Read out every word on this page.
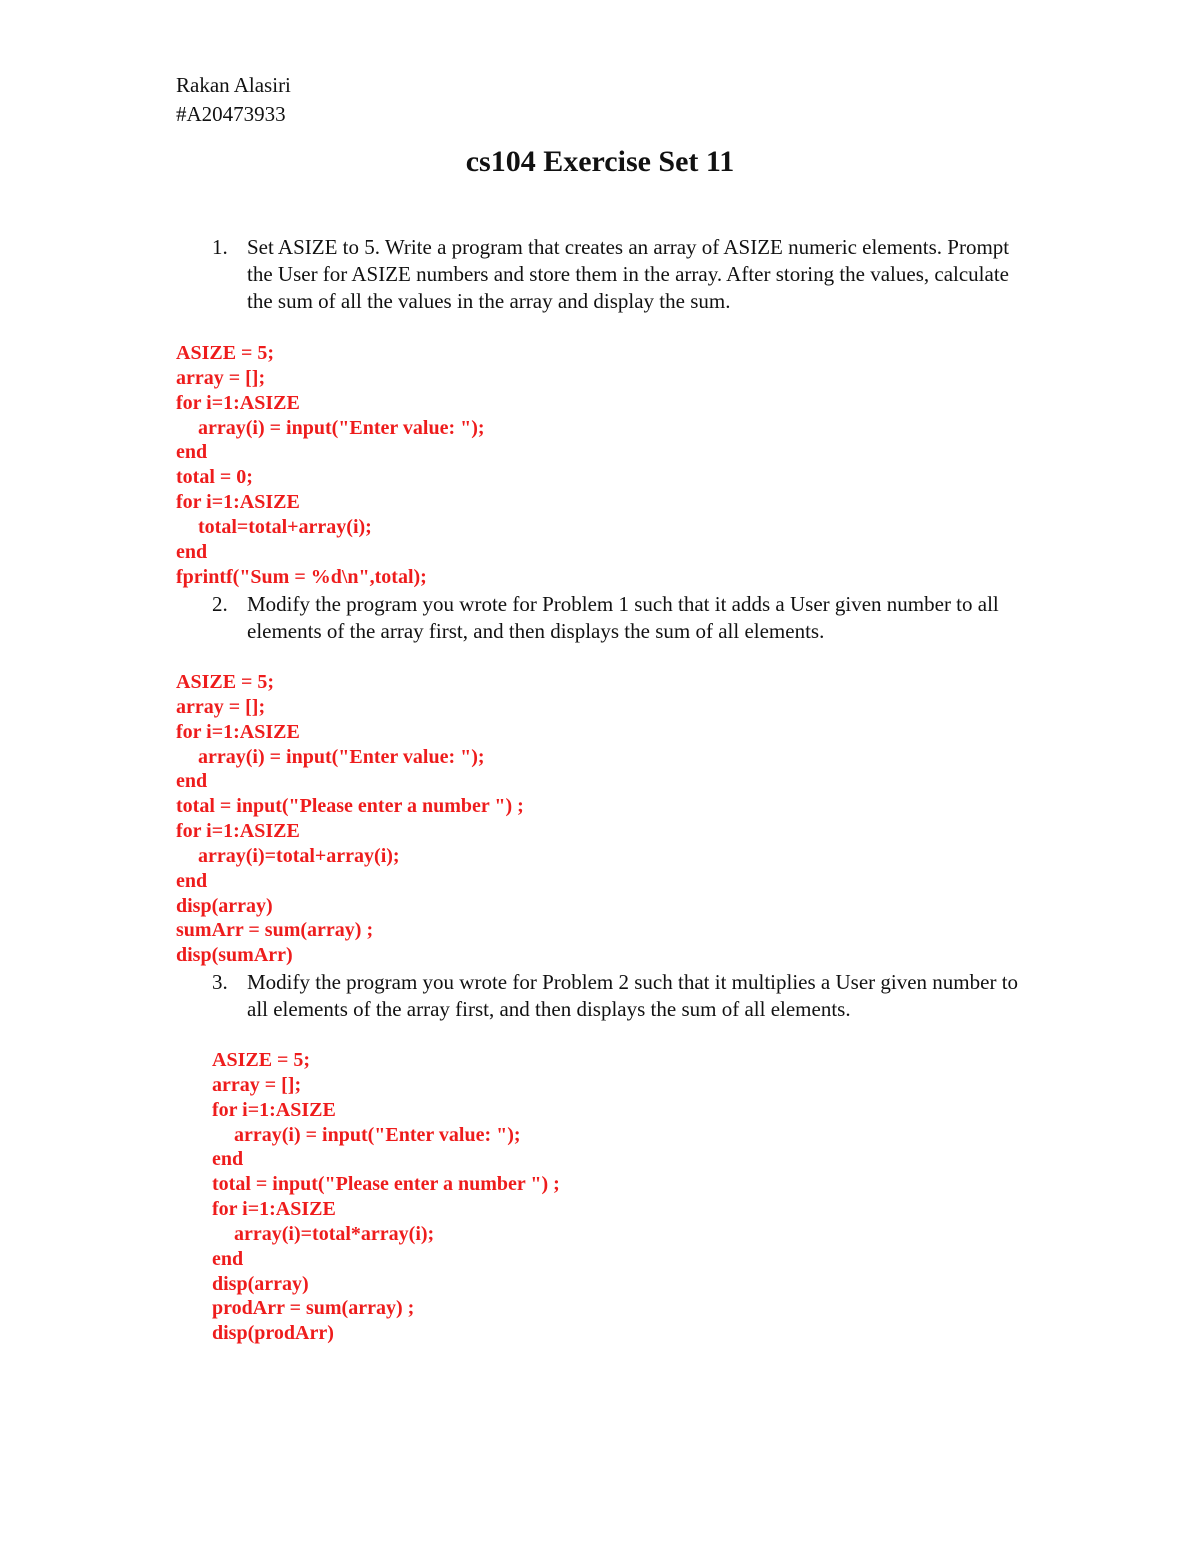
Rakan Alasiri
#A20473933
cs104 Exercise Set 11
1. Set ASIZE to 5. Write a program that creates an array of ASIZE numeric elements. Prompt the User for ASIZE numbers and store them in the array. After storing the values, calculate the sum of all the values in the array and display the sum.
ASIZE = 5;
array = [];
for i=1:ASIZE
array(i) = input("Enter value: ");
end
total = 0;
for i=1:ASIZE
total=total+array(i);
end
fprintf("Sum = %d\n",total);
2. Modify the program you wrote for Problem 1 such that it adds a User given number to all elements of the array first, and then displays the sum of all elements.
ASIZE = 5;
array = [];
for i=1:ASIZE
array(i) = input("Enter value: ");
end
total = input("Please enter a number ") ;
for i=1:ASIZE
array(i)=total+array(i);
end
disp(array)
sumArr = sum(array) ;
disp(sumArr)
3. Modify the program you wrote for Problem 2 such that it multiplies a User given number to all elements of the array first, and then displays the sum of all elements.
ASIZE = 5;
array = [];
for i=1:ASIZE
array(i) = input("Enter value: ");
end
total = input("Please enter a number ") ;
for i=1:ASIZE
array(i)=total*array(i);
end
disp(array)
prodArr = sum(array) ;
disp(prodArr)
